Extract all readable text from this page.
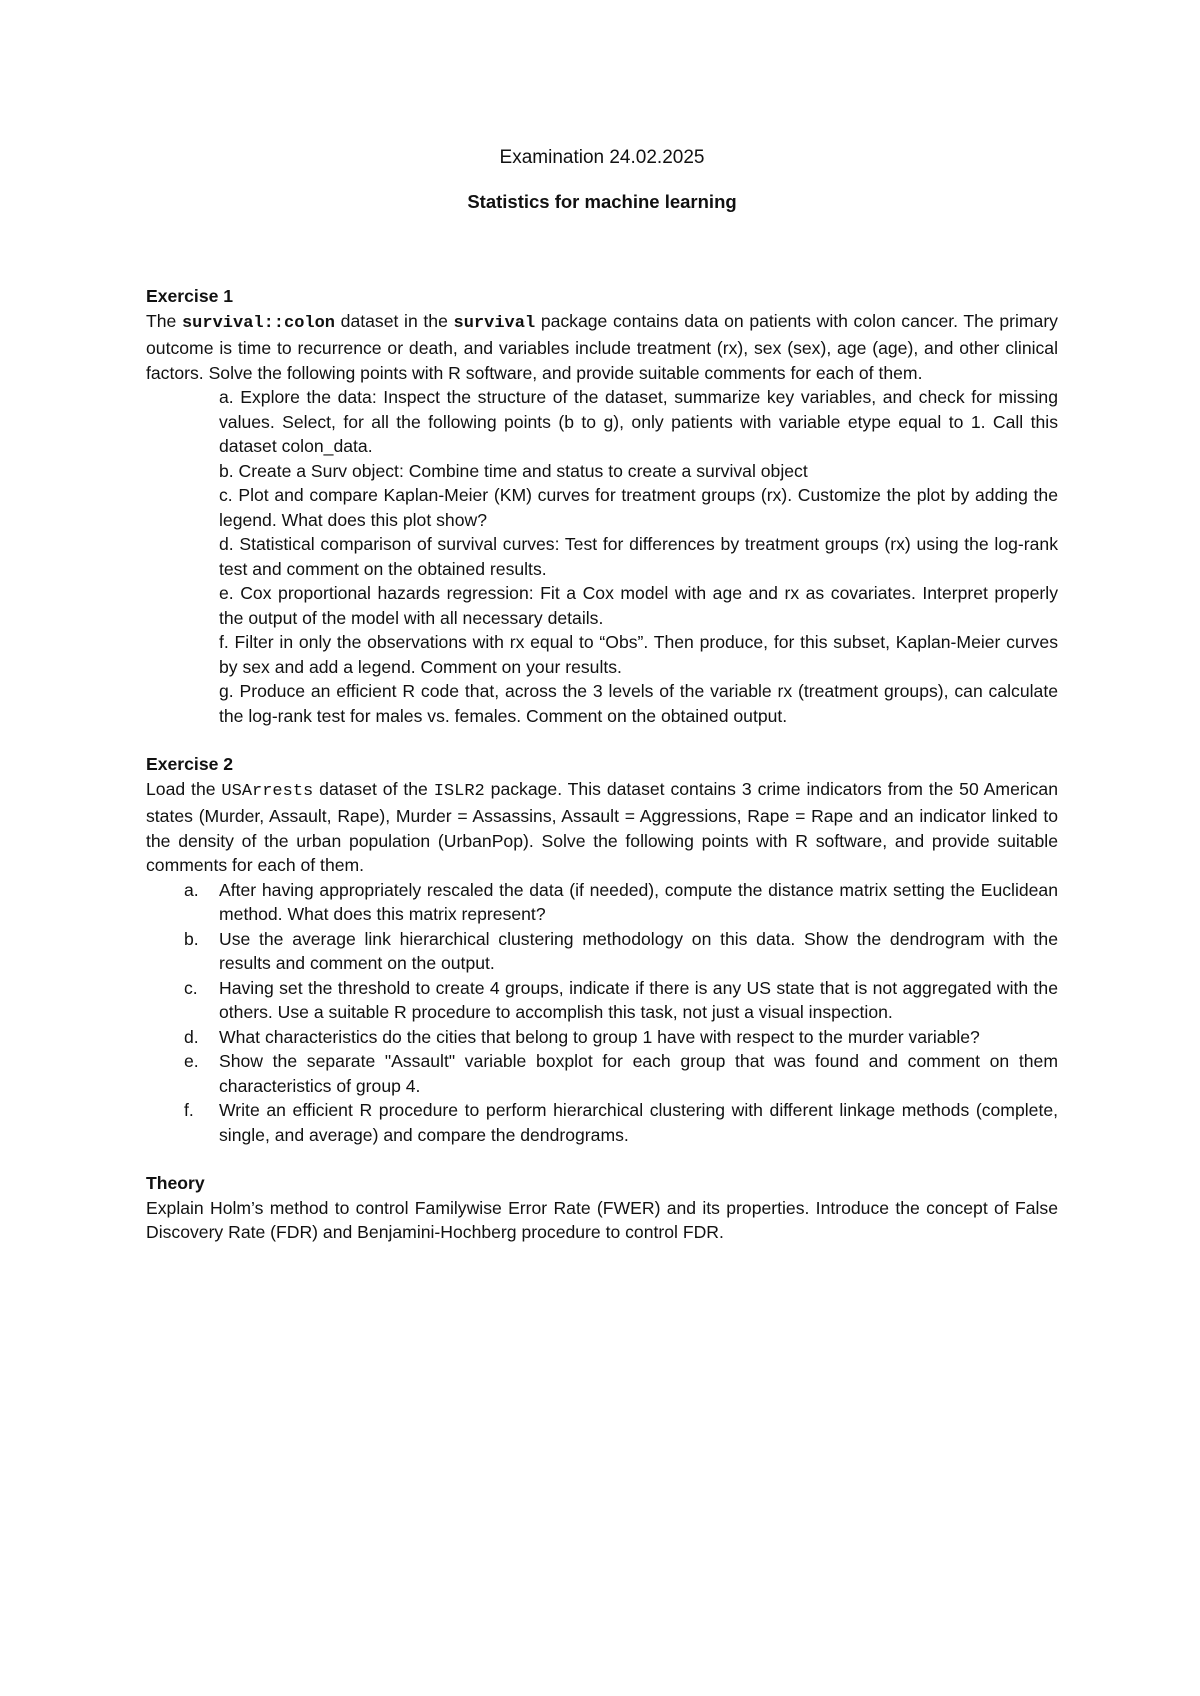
Examination 24.02.2025
Statistics for machine learning
Exercise 1

The survival::colon dataset in the survival package contains data on patients with colon cancer. The primary outcome is time to recurrence or death, and variables include treatment (rx), sex (sex), age (age), and other clinical factors. Solve the following points with R software, and provide suitable comments for each of them.

a. Explore the data: Inspect the structure of the dataset, summarize key variables, and check for missing values. Select, for all the following points (b to g), only patients with variable etype equal to 1. Call this dataset colon_data.

b. Create a Surv object: Combine time and status to create a survival object

c. Plot and compare Kaplan-Meier (KM) curves for treatment groups (rx). Customize the plot by adding the legend. What does this plot show?

d. Statistical comparison of survival curves: Test for differences by treatment groups (rx) using the log-rank test and comment on the obtained results.

e. Cox proportional hazards regression: Fit a Cox model with age and rx as covariates. Interpret properly the output of the model with all necessary details.

f. Filter in only the observations with rx equal to “Obs”. Then produce, for this subset, Kaplan-Meier curves by sex and add a legend. Comment on your results.

g. Produce an efficient R code that, across the 3 levels of the variable rx (treatment groups), can calculate the log-rank test for males vs. females. Comment on the obtained output.

Exercise 2

Load the USArrests dataset of the ISLR2 package. This dataset contains 3 crime indicators from the 50 American states (Murder, Assault, Rape), Murder = Assassins, Assault = Aggressions, Rape = Rape and an indicator linked to the density of the urban population (UrbanPop). Solve the following points with R software, and provide suitable comments for each of them.

a.	After having appropriately rescaled the data (if needed), compute the distance matrix setting the Euclidean method. What does this matrix represent?
b.	Use the average link hierarchical clustering methodology on this data. Show the dendrogram with the results and comment on the output.
c.	Having set the threshold to create 4 groups, indicate if there is any US state that is not aggregated with the others. Use a suitable R procedure to accomplish this task, not just a visual inspection.
d.	What characteristics do the cities that belong to group 1 have with respect to the murder variable?
e.	Show the separate "Assault" variable boxplot for each group that was found and comment on them characteristics of group 4.
f.	Write an efficient R procedure to perform hierarchical clustering with different linkage methods (complete, single, and average) and compare the dendrograms.
Theory

Explain Holm’s method to control Familywise Error Rate (FWER) and its properties. Introduce the concept of False Discovery Rate (FDR) and Benjamini-Hochberg procedure to control FDR.
